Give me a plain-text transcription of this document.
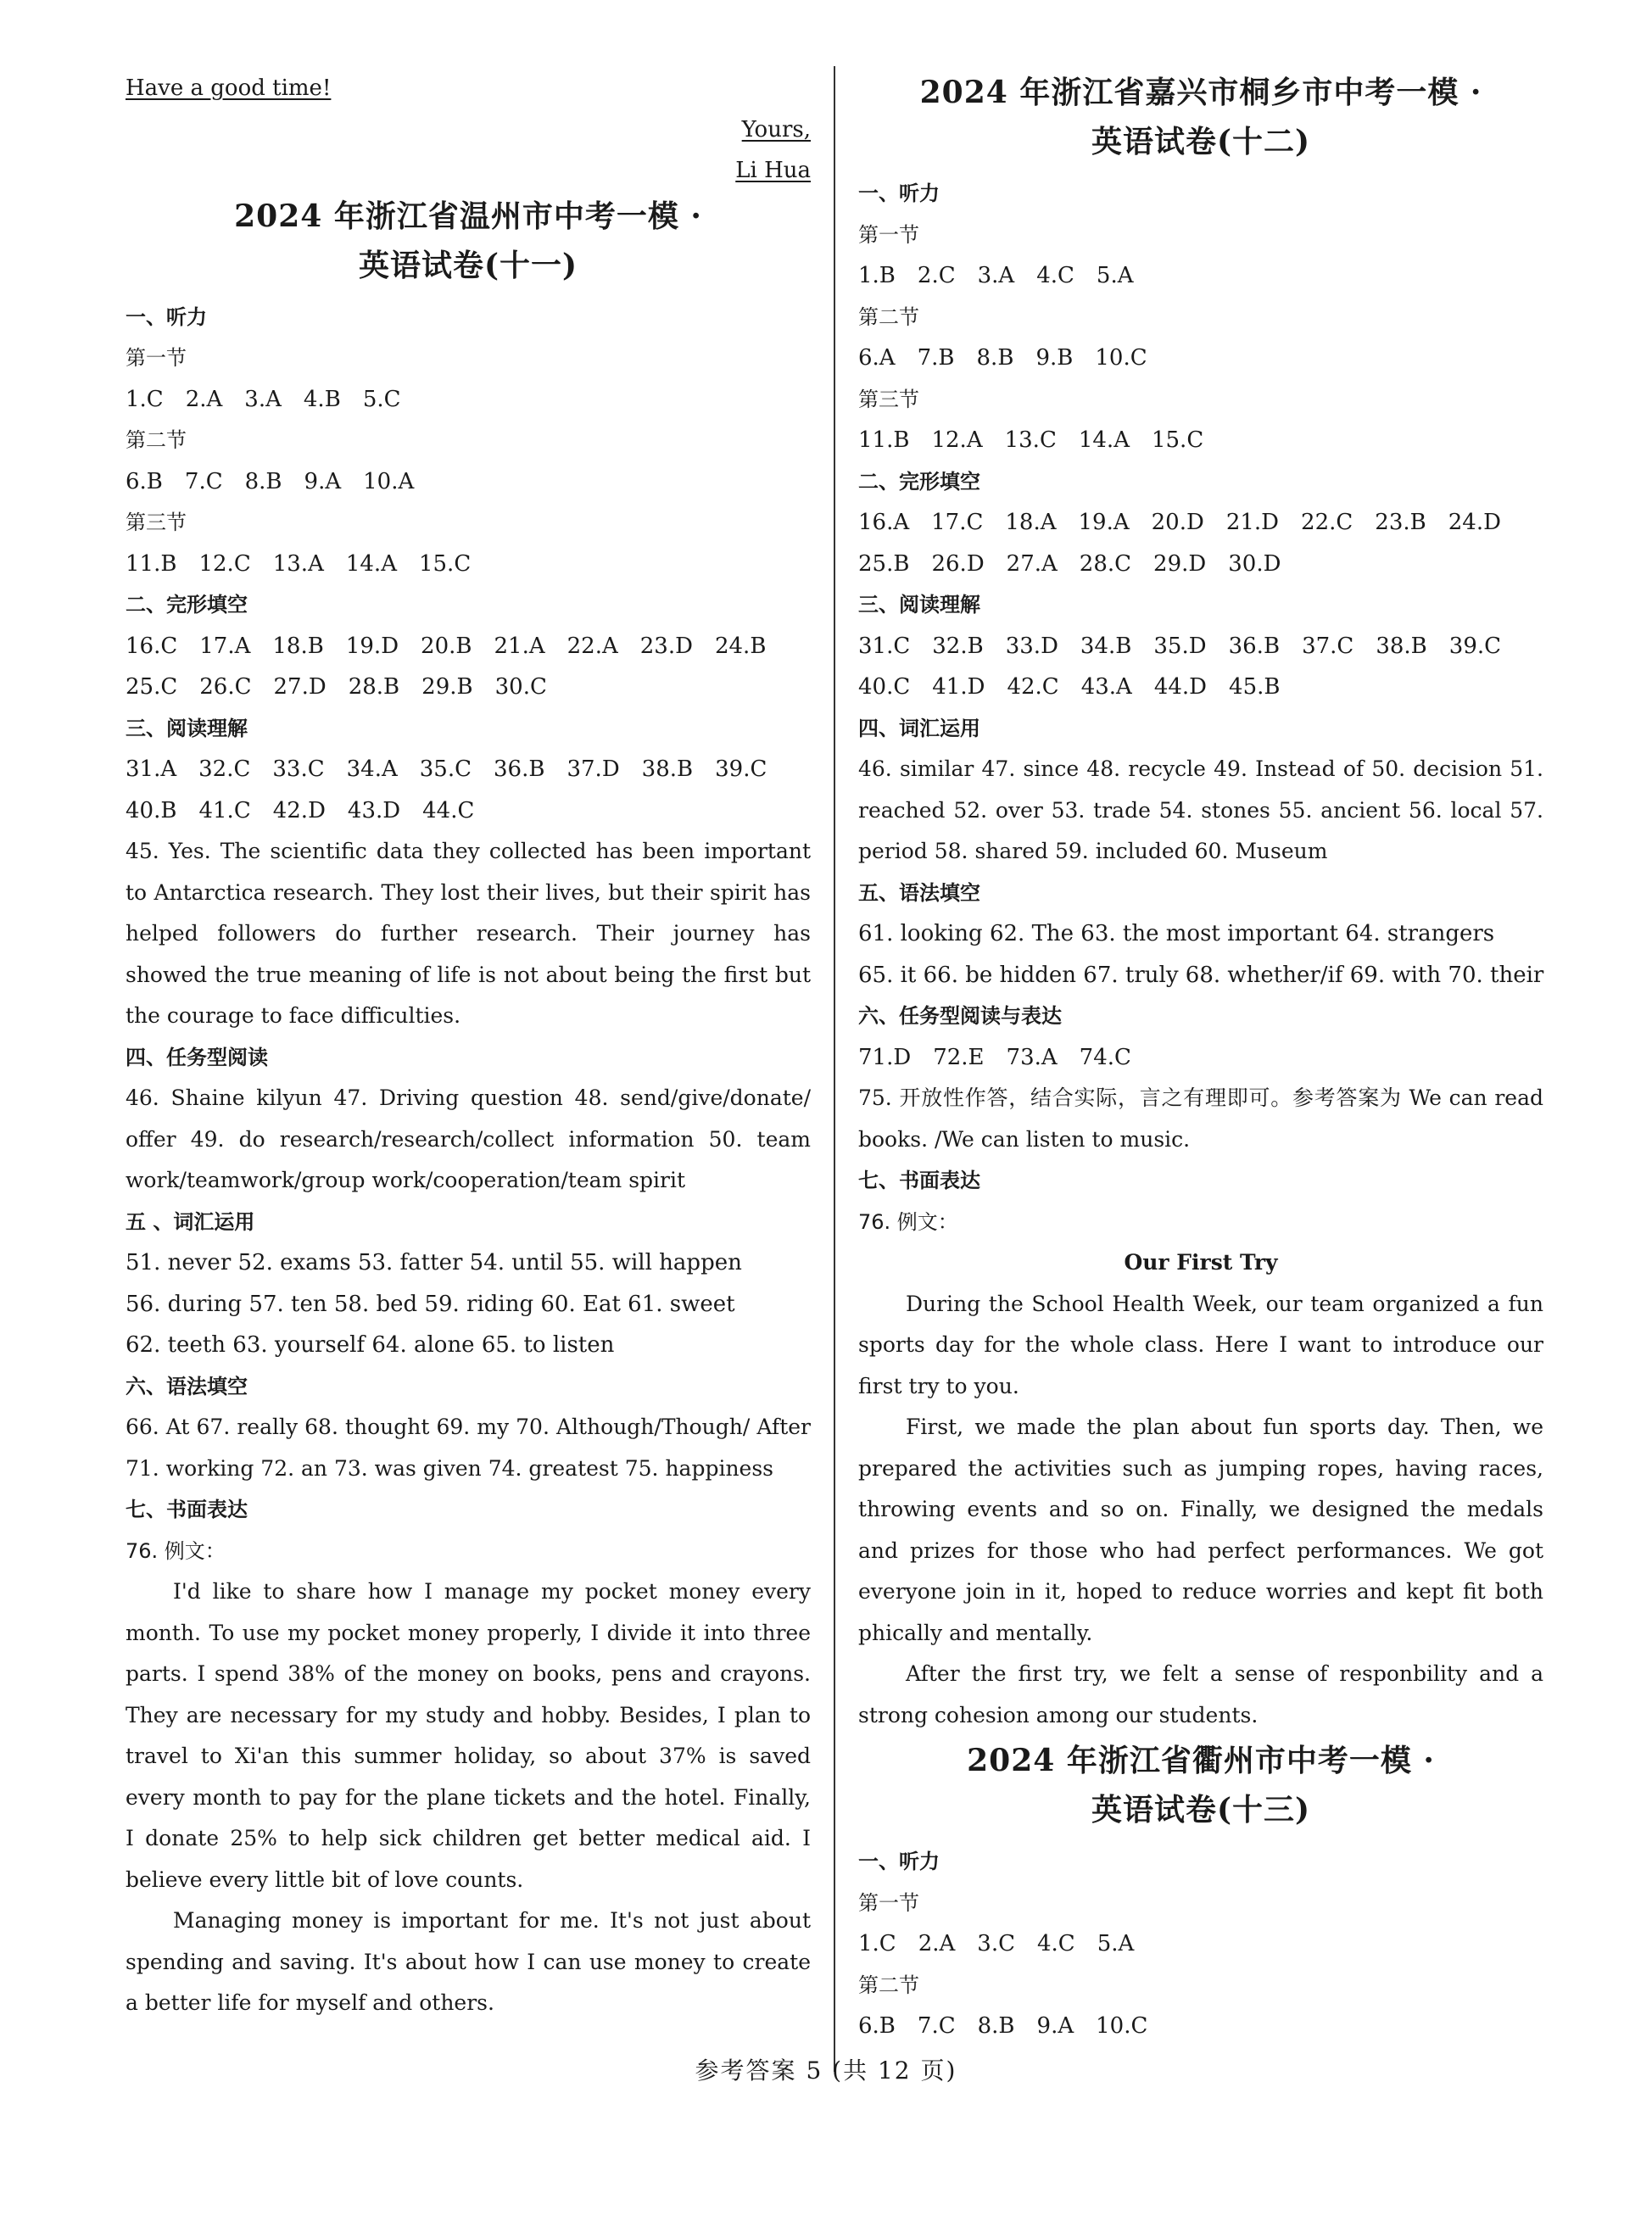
Have a good time!
Yours,
Li Hua
2024 年浙江省温州市中考一模 ·
英语试卷(十一)
一、听力
第一节
1.C 2.A 3.A 4.B 5.C
第二节
6.B 7.C 8.B 9.A 10.A
第三节
11.B 12.C 13.A 14.A 15.C
二、完形填空
16.C 17.A 18.B 19.D 20.B 21.A 22.A 23.D 24.B
25.C 26.C 27.D 28.B 29.B 30.C
三、阅读理解
31.A 32.C 33.C 34.A 35.C 36.B 37.D 38.B 39.C
40.B 41.C 42.D 43.D 44.C
45. Yes. The scientific data they collected has been important to Antarctica research. They lost their lives, but their spirit has helped followers do further research. Their journey has showed the true meaning of life is not about being the first but the courage to face difficulties.
四、任务型阅读
46. Shaine kilyun 47. Driving question 48. send/give/donate/ offer 49. do research/research/collect information 50. team work/teamwork/group work/cooperation/team spirit
五 、词汇运用
51. never 52. exams 53. fatter 54. until 55. will happen
56. during 57. ten 58. bed 59. riding 60. Eat 61. sweet
62. teeth 63. yourself 64. alone 65. to listen
六、语法填空
66. At 67. really 68. thought 69. my 70. Although/Though/ After 71. working 72. an 73. was given 74. greatest 75. happiness
七、书面表达
76. 例文：
I'd like to share how I manage my pocket money every month. To use my pocket money properly, I divide it into three parts. I spend 38% of the money on books, pens and crayons. They are necessary for my study and hobby. Besides, I plan to travel to Xi'an this summer holiday, so about 37% is saved every month to pay for the plane tickets and the hotel. Finally, I donate 25% to help sick children get better medical aid. I believe every little bit of love counts.
Managing money is important for me. It's not just about spending and saving. It's about how I can use money to create a better life for myself and others.
2024 年浙江省嘉兴市桐乡市中考一模 ·
英语试卷(十二)
一、听力
第一节
1.B 2.C 3.A 4.C 5.A
第二节
6.A 7.B 8.B 9.B 10.C
第三节
11.B 12.A 13.C 14.A 15.C
二、完形填空
16.A 17.C 18.A 19.A 20.D 21.D 22.C 23.B 24.D
25.B 26.D 27.A 28.C 29.D 30.D
三、阅读理解
31.C 32.B 33.D 34.B 35.D 36.B 37.C 38.B 39.C
40.C 41.D 42.C 43.A 44.D 45.B
四、词汇运用
46. similar 47. since 48. recycle 49. Instead of 50. decision 51. reached 52. over 53. trade 54. stones 55. ancient 56. local 57. period 58. shared 59. included 60. Museum
五、语法填空
61. looking 62. The 63. the most important 64. strangers
65. it 66. be hidden 67. truly 68. whether/if 69. with 70. their
六、任务型阅读与表达
71.D 72.E 73.A 74.C
75. 开放性作答，结合实际，言之有理即可。参考答案为 We can read books. /We can listen to music.
七、书面表达
76. 例文：
Our First Try
During the School Health Week, our team organized a fun sports day for the whole class. Here I want to introduce our first try to you.
First, we made the plan about fun sports day. Then, we prepared the activities such as jumping ropes, having races, throwing events and so on. Finally, we designed the medals and prizes for those who had perfect performances. We got everyone join in it, hoped to reduce worries and kept fit both phically and mentally.
After the first try, we felt a sense of responbility and a strong cohesion among our students.
2024 年浙江省衢州市中考一模 ·
英语试卷(十三)
一、听力
第一节
1.C 2.A 3.C 4.C 5.A
第二节
6.B 7.C 8.B 9.A 10.C
参考答案 5 (共 12 页)
